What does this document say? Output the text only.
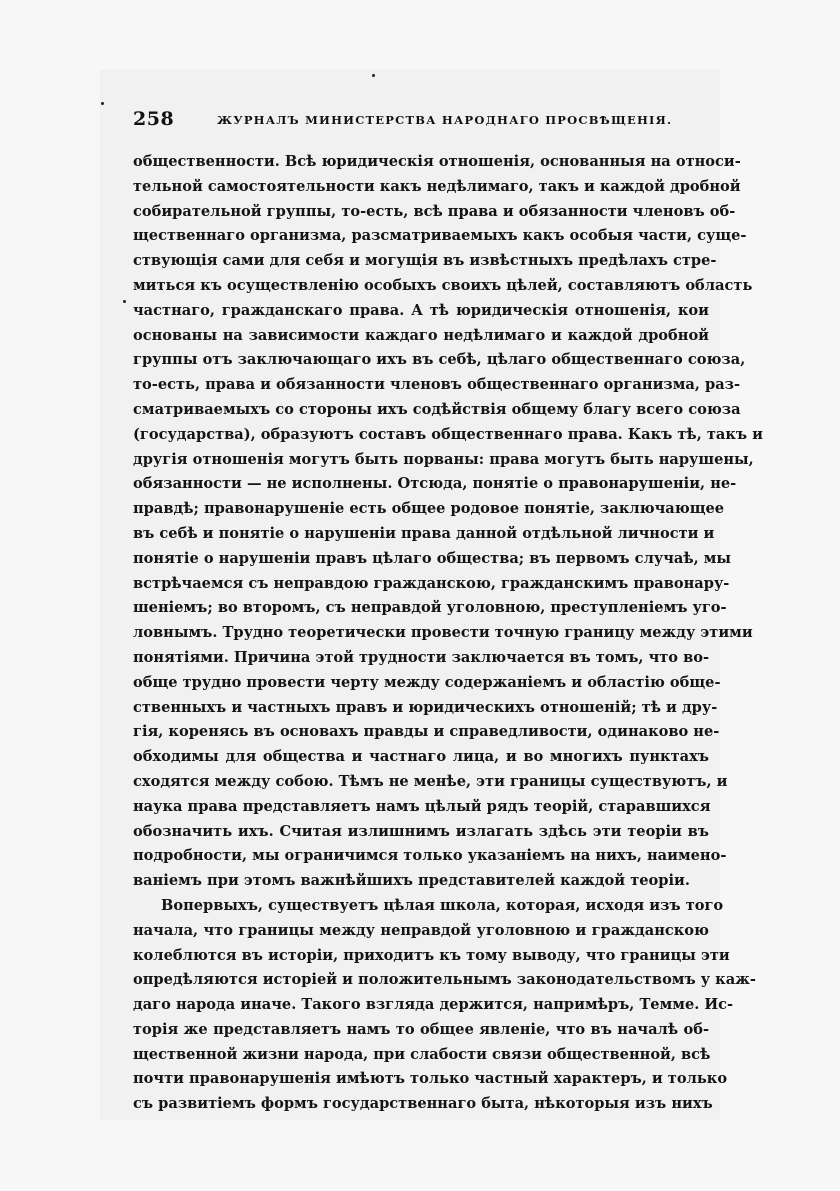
258	ЖУРНАЛЪ МИНИСТЕРСТВА НАРОДНАГО ПРОСВѢЩЕНІЯ.
общественности. Всѣ юридическія отношенія, основанныя на относи-
тельной самостоятельности какъ недѣлимаго, такъ и каждой дробной
собирательной группы, то-есть, всѣ права и обязанности членовъ об-
щественнаго организма, разсматриваемыхъ какъ особыя части, суще-
ствующія сами для себя и могущія въ извѣстныхъ предѣлахъ стре-
миться къ осуществленію особыхъ своихъ цѣлей, составляютъ область
частнаго, гражданскаго права. А тѣ юридическія отношенія, кои
основаны на зависимости каждаго недѣлимаго и каждой дробной
группы отъ заключающаго ихъ въ себѣ, цѣлаго общественнаго союза,
то-есть, права и обязанности членовъ общественнаго организма, раз-
сматриваемыхъ со стороны ихъ содѣйствія общему благу всего союза
(государства), образуютъ составъ общественнаго права. Какъ тѣ, такъ и
другія отношенія могутъ быть порваны: права могутъ быть нарушены,
обязанности — не исполнены. Отсюда, понятіе о правонарушеніи, не-
правдѣ; правонарушеніе есть общее родовое понятіе, заключающее
въ себѣ и понятіе о нарушеніи права данной отдѣльной личности и
понятіе о нарушеніи правъ цѣлаго общества; въ первомъ случаѣ, мы
встрѣчаемся съ неправдою гражданскою, гражданскимъ правонару-
шеніемъ; во второмъ, съ неправдой уголовною, преступленіемъ уго-
ловнымъ. Трудно теоретически провести точную границу между этими
понятіями. Причина этой трудности заключается въ томъ, что во-
обще трудно провести черту между содержаніемъ и областію обще-
ственныхъ и частныхъ правъ и юридическихъ отношеній; тѣ и дру-
гія, коренясь въ основахъ правды и справедливости, одинаково не-
обходимы для общества и частнаго лица, и во многихъ пунктахъ
сходятся между собою. Тѣмъ не менѣе, эти границы существуютъ, и
наука права представляетъ намъ цѣлый рядъ теорій, старавшихся
обозначить ихъ. Считая излишнимъ излагать здѣсь эти теоріи въ
подробности, мы ограничимся только указаніемъ на нихъ, наимено-
ваніемъ при этомъ важнѣйшихъ представителей каждой теоріи.
Вопервыхъ, существуетъ цѣлая школа, которая, исходя изъ того
начала, что границы между неправдой уголовною и гражданскою
колеблются въ исторіи, приходитъ къ тому выводу, что границы эти
опредѣляются исторіей и положительнымъ законодательствомъ у каж-
даго народа иначе. Такого взгляда держится, напримѣръ, Темме. Ис-
торія же представляетъ намъ то общее явленіе, что въ началѣ об-
щественной жизни народа, при слабости связи общественной, всѣ
почти правонарушенія имѣютъ только частный характеръ, и только
съ развитіемъ формъ государственнаго быта, нѣкоторыя изъ нихъ
